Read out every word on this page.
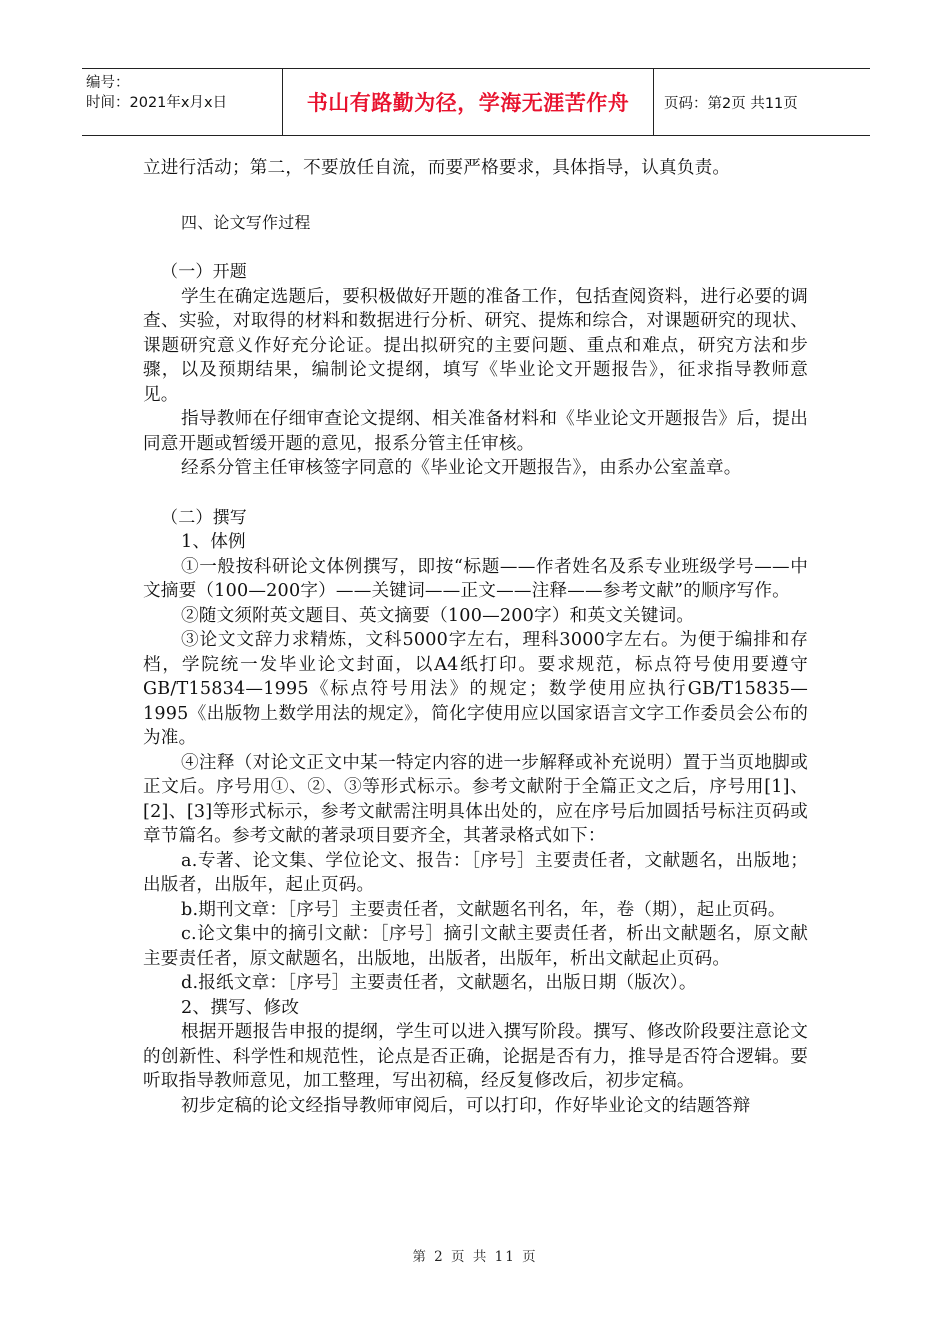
编号：
时间：2021年x月x日	书山有路勤为径，学海无涯苦作舟	页码：第2页 共11页

立进行活动；第二，不要放任自流，而要严格要求，具体指导，认真负责。

四、论文写作过程

（一）开题

学生在确定选题后，要积极做好开题的准备工作，包括查阅资料，进行必要的调查、实验，对取得的材料和数据进行分析、研究、提炼和综合，对课题研究的现状、课题研究意义作好充分论证。提出拟研究的主要问题、重点和难点，研究方法和步骤，以及预期结果，编制论文提纲，填写《毕业论文开题报告》，征求指导教师意见。

指导教师在仔细审查论文提纲、相关准备材料和《毕业论文开题报告》后，提出同意开题或暂缓开题的意见，报系分管主任审核。

经系分管主任审核签字同意的《毕业论文开题报告》，由系办公室盖章。

（二）撰写

1、体例

①一般按科研论文体例撰写，即按“标题——作者姓名及系专业班级学号——中文摘要（100—200字）——关键词——正文——注释——参考文献”的顺序写作。

②随文须附英文题目、英文摘要（100—200字）和英文关键词。

③论文文辞力求精炼，文科5000字左右，理科3000字左右。为便于编排和存档，学院统一发毕业论文封面，以A4纸打印。要求规范，标点符号使用要遵守GB/T15834—1995《标点符号用法》的规定；数学使用应执行GB/T15835—1995《出版物上数学用法的规定》，简化字使用应以国家语言文字工作委员会公布的为准。

④注释（对论文正文中某一特定内容的进一步解释或补充说明）置于当页地脚或正文后。序号用①、②、③等形式标示。参考文献附于全篇正文之后，序号用[1]、[2]、[3]等形式标示，参考文献需注明具体出处的，应在序号后加圆括号标注页码或章节篇名。参考文献的著录项目要齐全，其著录格式如下：

a.专著、论文集、学位论文、报告：［序号］主要责任者，文献题名，出版地；出版者，出版年，起止页码。

b.期刊文章：［序号］主要责任者，文献题名刊名，年，卷（期），起止页码。

c.论文集中的摘引文献：［序号］摘引文献主要责任者，析出文献题名，原文献主要责任者，原文献题名，出版地，出版者，出版年，析出文献起止页码。

d.报纸文章：［序号］主要责任者，文献题名，出版日期（版次）。

2、撰写、修改

根据开题报告申报的提纲，学生可以进入撰写阶段。撰写、修改阶段要注意论文的创新性、科学性和规范性，论点是否正确，论据是否有力，推导是否符合逻辑。要听取指导教师意见，加工整理，写出初稿，经反复修改后，初步定稿。

初步定稿的论文经指导教师审阅后，可以打印，作好毕业论文的结题答辩

第 2 页 共 11 页
